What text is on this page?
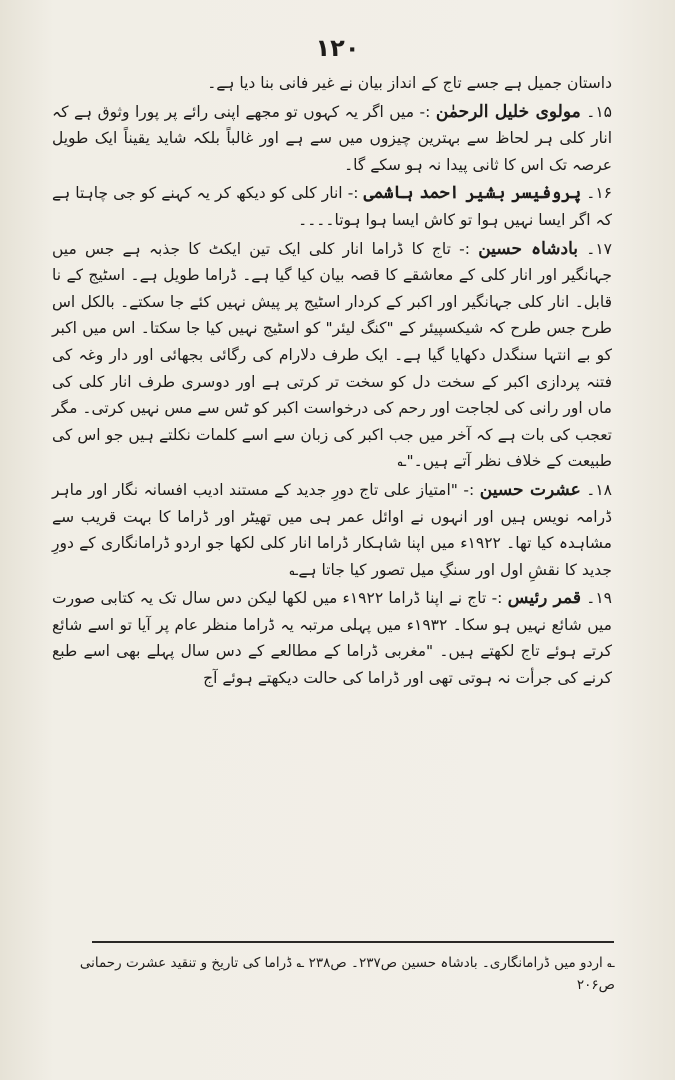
۱۲۰

داستان جمیل ہے جسے تاج کے انداز بیان نے غیر فانی بنا دیا ہے۔

۱۵۔ مولوی خلیل الرحمٰن :- میں اگر یہ کہوں تو مجھے اپنی رائے پر پورا وثوق ہے کہ انار کلی ہر لحاظ سے بہترین چیزوں میں سے ہے اور غالباً بلکہ شاید یقیناً ایک طویل عرصہ تک اس کا ثانی پیدا نہ ہو سکے گا۔

۱۶۔ پروفیسر بشیر احمد ہاشمی :- انار کلی کو دیکھ کر یہ کہنے کو جی چاہتا ہے کہ اگر ایسا نہیں ہوا تو کاش ایسا ہوا ہوتا۔۔۔۔

۱۷۔ بادشاہ حسین :- تاج کا ڈراما انار کلی ایک تین ایکٹ کا جذبہ ہے جس میں جہانگیر اور انار کلی کے معاشقے کا قصہ بیان کیا گیا ہے۔ ڈراما طویل ہے۔ اسٹیج کے نا قابل۔ انار کلی جہانگیر اور اکبر کے کردار اسٹیج پر پیش نہیں کئے جا سکتے۔ بالکل اس طرح جس طرح کہ شیکسپیئر کے "کنگ لیئر" کو اسٹیج نہیں کیا جا سکتا۔ اس میں اکبر کو بے انتہا سنگدل دکھایا گیا ہے۔ ایک طرف دلارام کی رگائی بجھائی اور دار وغہ کی فتنہ پردازی اکبر کے سخت دل کو سخت تر کرتی ہے اور دوسری طرف انار کلی کی ماں اور رانی کی لجاجت اور رحم کی درخواست اکبر کو ٹس سے مس نہیں کرتی۔ مگر تعجب کی بات ہے کہ آخر میں جب اکبر کی زبان سے اسے کلمات نکلتے ہیں جو اس کی طبیعت کے خلاف نظر آتے ہیں۔"؎

۱۸۔ عشرت حسین :- "امتیاز علی تاج دورِ جدید کے مستند ادیب افسانہ نگار اور ماہر ڈرامہ نویس ہیں اور انہوں نے اوائل عمر ہی میں تھیٹر اور ڈراما کا بہت قریب سے مشاہدہ کیا تھا۔ ۱۹۲۲ء میں اپنا شاہکار ڈراما انار کلی لکھا جو اردو ڈرامانگاری کے دورِ جدید کا نقشِ اول اور سنگِ میل تصور کیا جاتا ہے؎

۱۹۔ قمر رئیس :- تاج نے اپنا ڈراما ۱۹۲۲ء میں لکھا لیکن دس سال تک یہ کتابی صورت میں شائع نہیں ہو سکا۔ ۱۹۳۲ء میں پہلی مرتبہ یہ ڈراما منظر عام پر آیا تو اسے شائع کرتے ہوئے تاج لکھتے ہیں۔ "مغربی ڈراما کے مطالعے کے دس سال پہلے بھی اسے طبع کرنے کی جرأت نہ ہوتی تھی اور ڈراما کی حالت دیکھتے ہوئے آج

؎ اردو میں ڈرامانگاری۔ بادشاہ حسین ص۲۳۷۔ ص۲۳۸ ؎ ڈراما کی تاریخ و تنقید عشرت رحمانی ص۲۰۶
